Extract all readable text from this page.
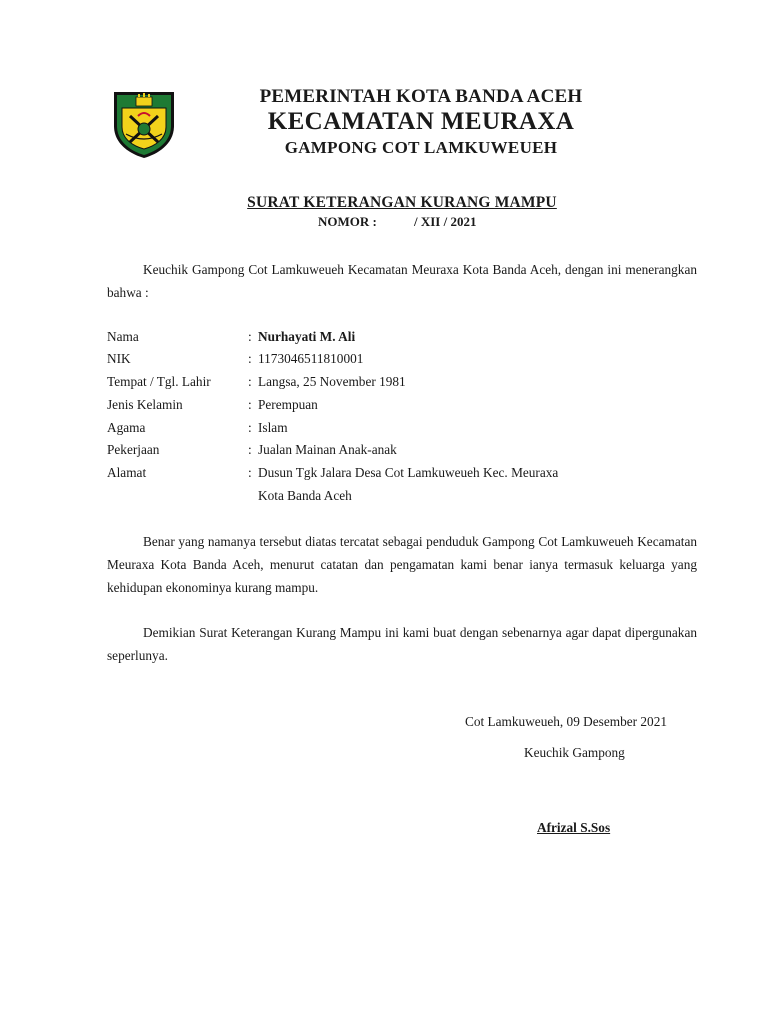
PEMERINTAH KOTA BANDA ACEH
KECAMATAN MEURAXA
GAMPONG COT LAMKUWEUEH
SURAT KETERANGAN KURANG MAMPU
NOMOR :	/ XII / 2021
Keuchik Gampong Cot Lamkuweueh Kecamatan Meuraxa Kota Banda Aceh, dengan ini menerangkan bahwa :
Nama	: Nurhayati M. Ali
NIK	: 1173046511810001
Tempat / Tgl. Lahir	: Langsa, 25 November 1981
Jenis Kelamin	: Perempuan
Agama	: Islam
Pekerjaan	: Jualan Mainan Anak-anak
Alamat	: Dusun Tgk Jalara Desa Cot Lamkuweueh Kec. Meuraxa
Kota Banda Aceh
Benar yang namanya tersebut diatas tercatat sebagai penduduk Gampong Cot Lamkuweueh Kecamatan Meuraxa Kota Banda Aceh, menurut catatan dan pengamatan kami benar ianya termasuk keluarga yang kehidupan ekonominya kurang mampu.
Demikian Surat Keterangan Kurang Mampu ini kami buat dengan sebenarnya agar dapat dipergunakan seperlunya.
Cot Lamkuweueh, 09 Desember 2021
Keuchik Gampong
Afrizal S.Sos
